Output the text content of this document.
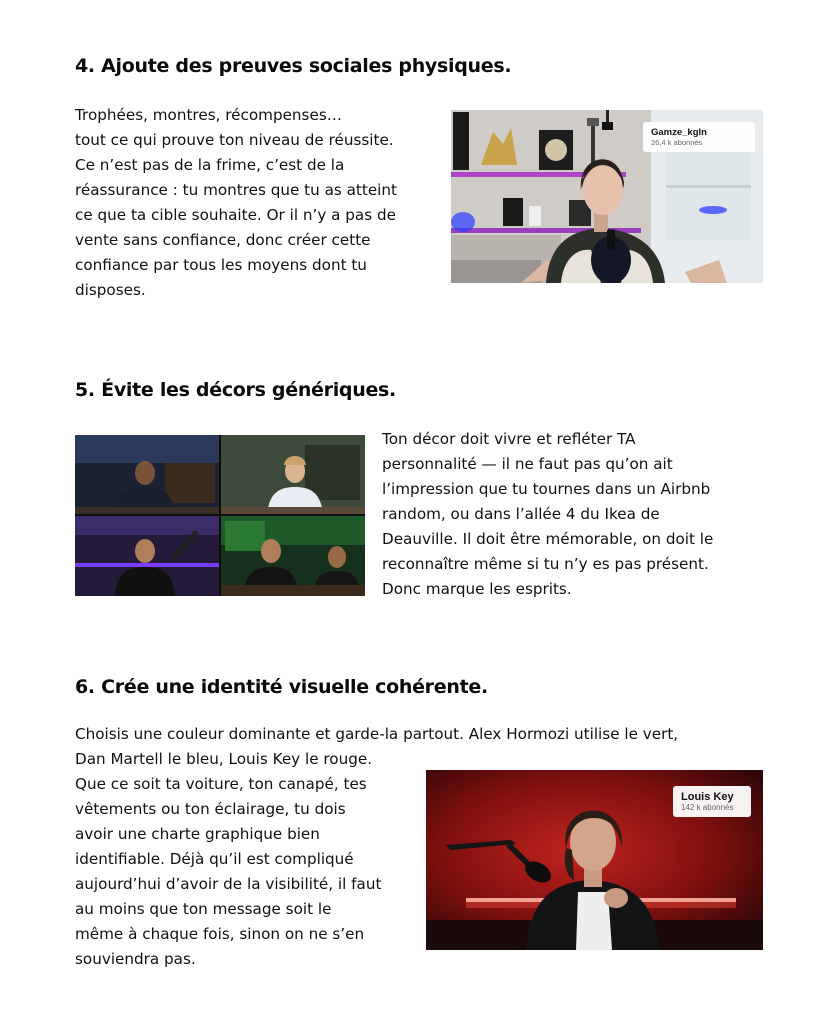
4. Ajoute des preuves sociales physiques.
Trophées, montres, récompenses…
tout ce qui prouve ton niveau de réussite.
Ce n’est pas de la frime, c’est de la
réassurance : tu montres que tu as atteint
ce que ta cible souhaite. Or il n’y a pas de
vente sans confiance, donc créer cette
confiance par tous les moyens dont tu
disposes.
Gamze_kgln
26,4 k abonnés
5. Évite les décors génériques.
Ton décor doit vivre et refléter TA
personnalité — il ne faut pas qu’on ait
l’impression que tu tournes dans un Airbnb
random, ou dans l’allée 4 du Ikea de
Deauville. Il doit être mémorable, on doit le
reconnaître même si tu n’y es pas présent.
Donc marque les esprits.
6. Crée une identité visuelle cohérente.
Choisis une couleur dominante et garde-la partout. Alex Hormozi utilise le vert,
Dan Martell le bleu, Louis Key le rouge.
Que ce soit ta voiture, ton canapé, tes
vêtements ou ton éclairage, tu dois
avoir une charte graphique bien
identifiable. Déjà qu’il est compliqué
aujourd’hui d’avoir de la visibilité, il faut
au moins que ton message soit le
même à chaque fois, sinon on ne s’en
souviendra pas.
Louis Key
142 k abonnés
